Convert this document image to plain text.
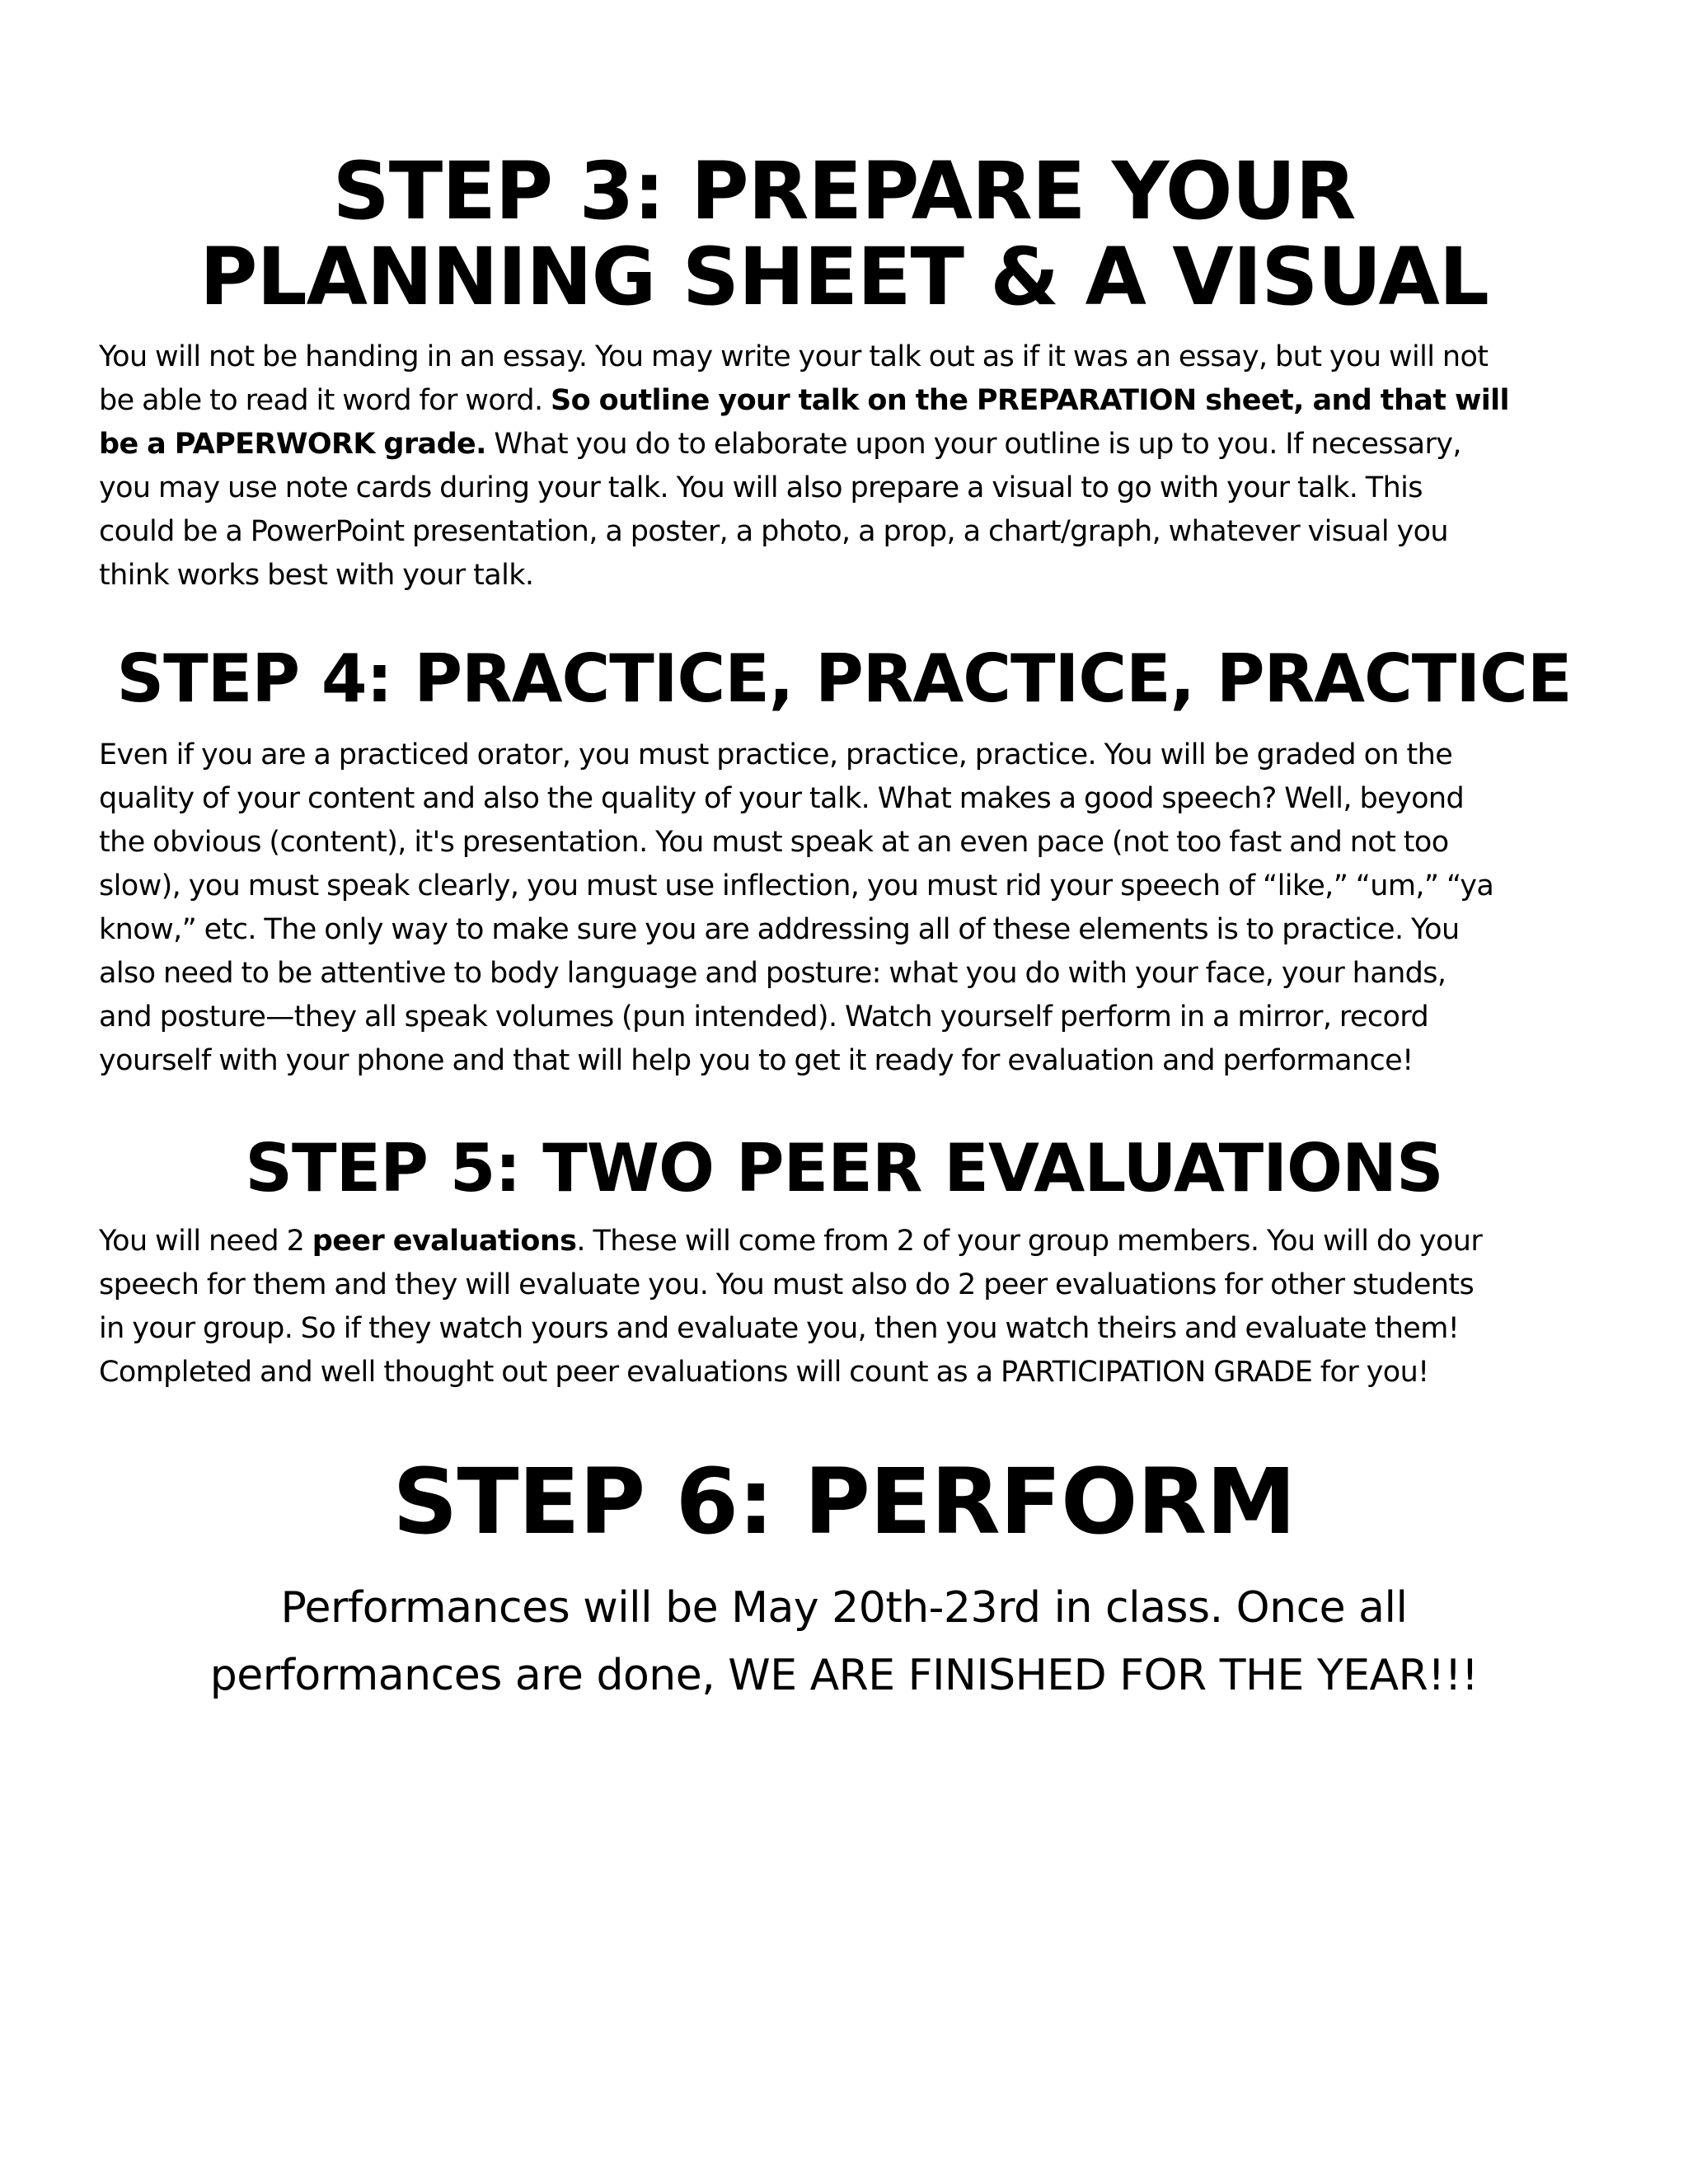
STEP 3: PREPARE YOUR
PLANNING SHEET & A VISUAL
You will not be handing in an essay. You may write your talk out as if it was an essay, but you will not
be able to read it word for word. So outline your talk on the PREPARATION sheet, and that will
be a PAPERWORK grade. What you do to elaborate upon your outline is up to you. If necessary,
you may use note cards during your talk. You will also prepare a visual to go with your talk. This
could be a PowerPoint presentation, a poster, a photo, a prop, a chart/graph, whatever visual you
think works best with your talk.
STEP 4: PRACTICE, PRACTICE, PRACTICE
Even if you are a practiced orator, you must practice, practice, practice. You will be graded on the
quality of your content and also the quality of your talk. What makes a good speech? Well, beyond
the obvious (content), it's presentation. You must speak at an even pace (not too fast and not too
slow), you must speak clearly, you must use inflection, you must rid your speech of “like,” “um,” “ya
know,” etc. The only way to make sure you are addressing all of these elements is to practice. You
also need to be attentive to body language and posture: what you do with your face, your hands,
and posture—they all speak volumes (pun intended). Watch yourself perform in a mirror, record
yourself with your phone and that will help you to get it ready for evaluation and performance!
STEP 5: TWO PEER EVALUATIONS
You will need 2 peer evaluations. These will come from 2 of your group members. You will do your
speech for them and they will evaluate you. You must also do 2 peer evaluations for other students
in your group. So if they watch yours and evaluate you, then you watch theirs and evaluate them!
Completed and well thought out peer evaluations will count as a PARTICIPATION GRADE for you!
STEP 6: PERFORM
Performances will be May 20th-23rd in class. Once all
performances are done, WE ARE FINISHED FOR THE YEAR!!!
